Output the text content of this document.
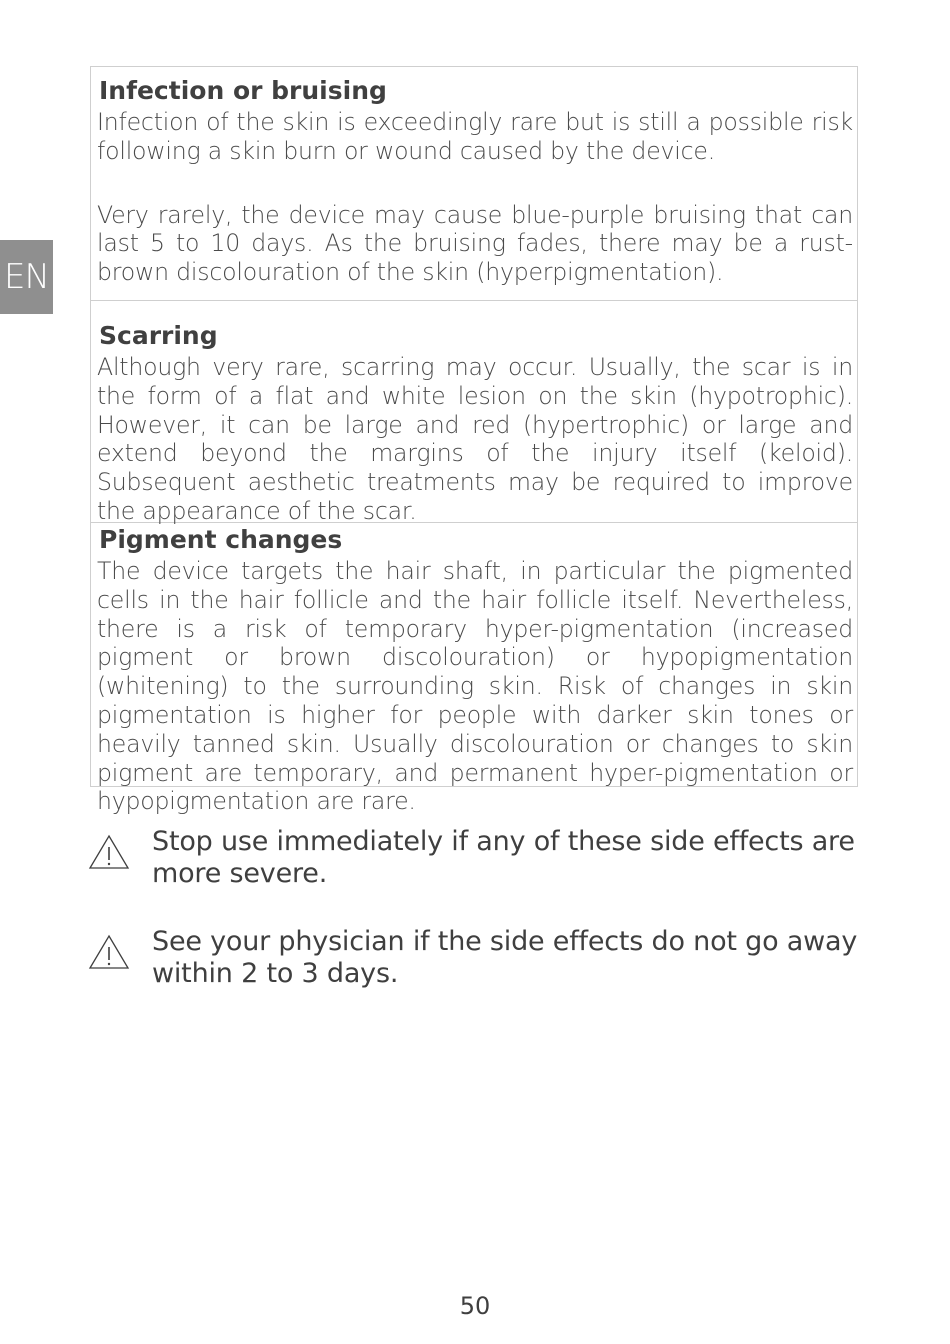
EN
Infection or bruising

Infection of the skin is exceedingly rare but is still a possible risk following a skin burn or wound caused by the device.

Very rarely, the device may cause blue-purple bruising that can last 5 to 10 days. As the bruising fades, there may be a rust-brown discolouration of the skin (hyperpigmentation).

Scarring

Although very rare, scarring may occur. Usually, the scar is in the form of a flat and white lesion on the skin (hypotrophic). However, it can be large and red (hypertrophic) or large and extend beyond the margins of the injury itself (keloid). Subsequent aesthetic treatments may be required to improve the appearance of the scar.

Pigment changes

The device targets the hair shaft, in particular the pigmented cells in the hair follicle and the hair follicle itself. Nevertheless, there is a risk of temporary hyper-pigmentation (increased pigment or brown discolouration) or hypopigmentation (whitening) to the surrounding skin. Risk of changes in skin pigmentation is higher for people with darker skin tones or heavily tanned skin. Usually discolouration or changes to skin pigment are temporary, and permanent hyper-pigmentation or hypopigmentation are rare.

Stop use immediately if any of these side effects are more severe.
See your physician if the side effects do not go away within 2 to 3 days.
50
